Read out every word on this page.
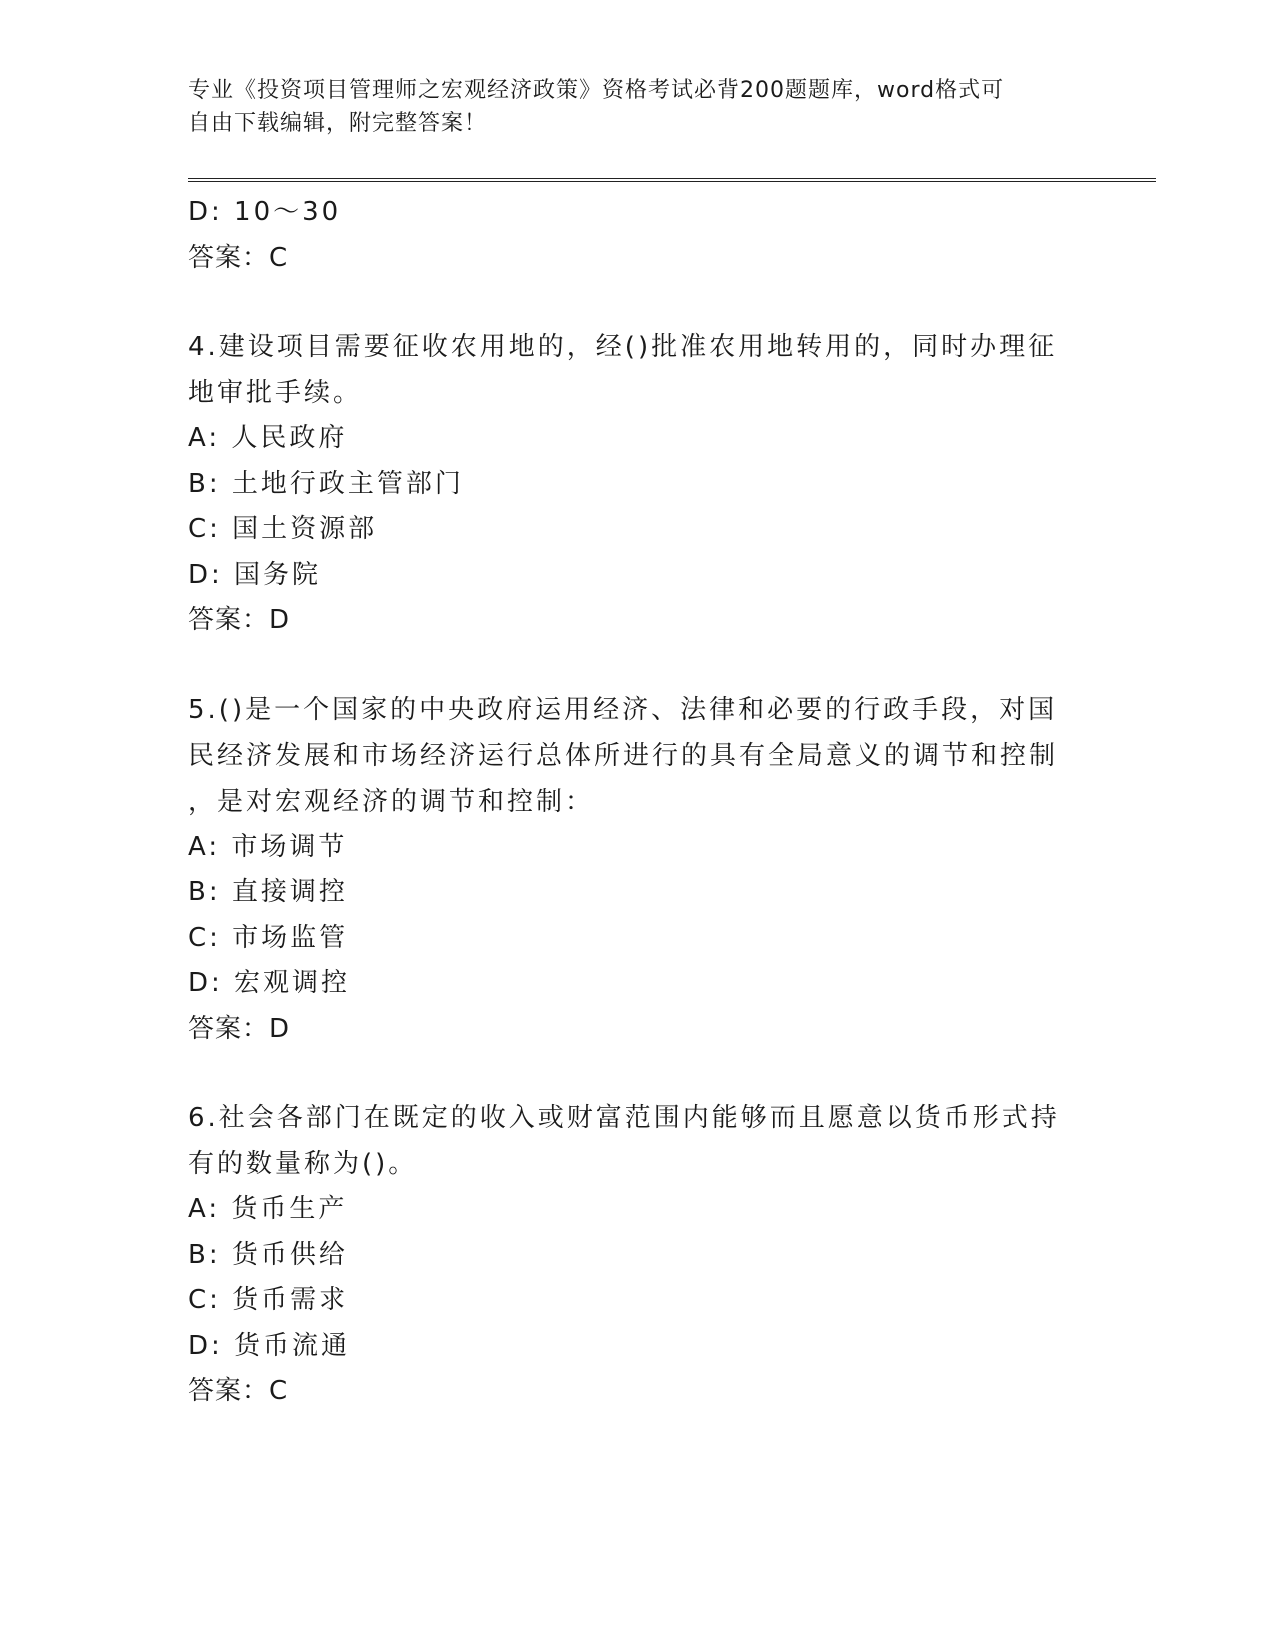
专业《投资项目管理师之宏观经济政策》资格考试必背200题题库，word格式可
自由下载编辑，附完整答案！
D: 10～30
答案：C
4.建设项目需要征收农用地的，经()批准农用地转用的，同时办理征
地审批手续。
A: 人民政府
B: 土地行政主管部门
C: 国土资源部
D: 国务院
答案：D
5.()是一个国家的中央政府运用经济、法律和必要的行政手段，对国
民经济发展和市场经济运行总体所进行的具有全局意义的调节和控制
，是对宏观经济的调节和控制：
A: 市场调节
B: 直接调控
C: 市场监管
D: 宏观调控
答案：D
6.社会各部门在既定的收入或财富范围内能够而且愿意以货币形式持
有的数量称为()。
A: 货币生产
B: 货币供给
C: 货币需求
D: 货币流通
答案：C
